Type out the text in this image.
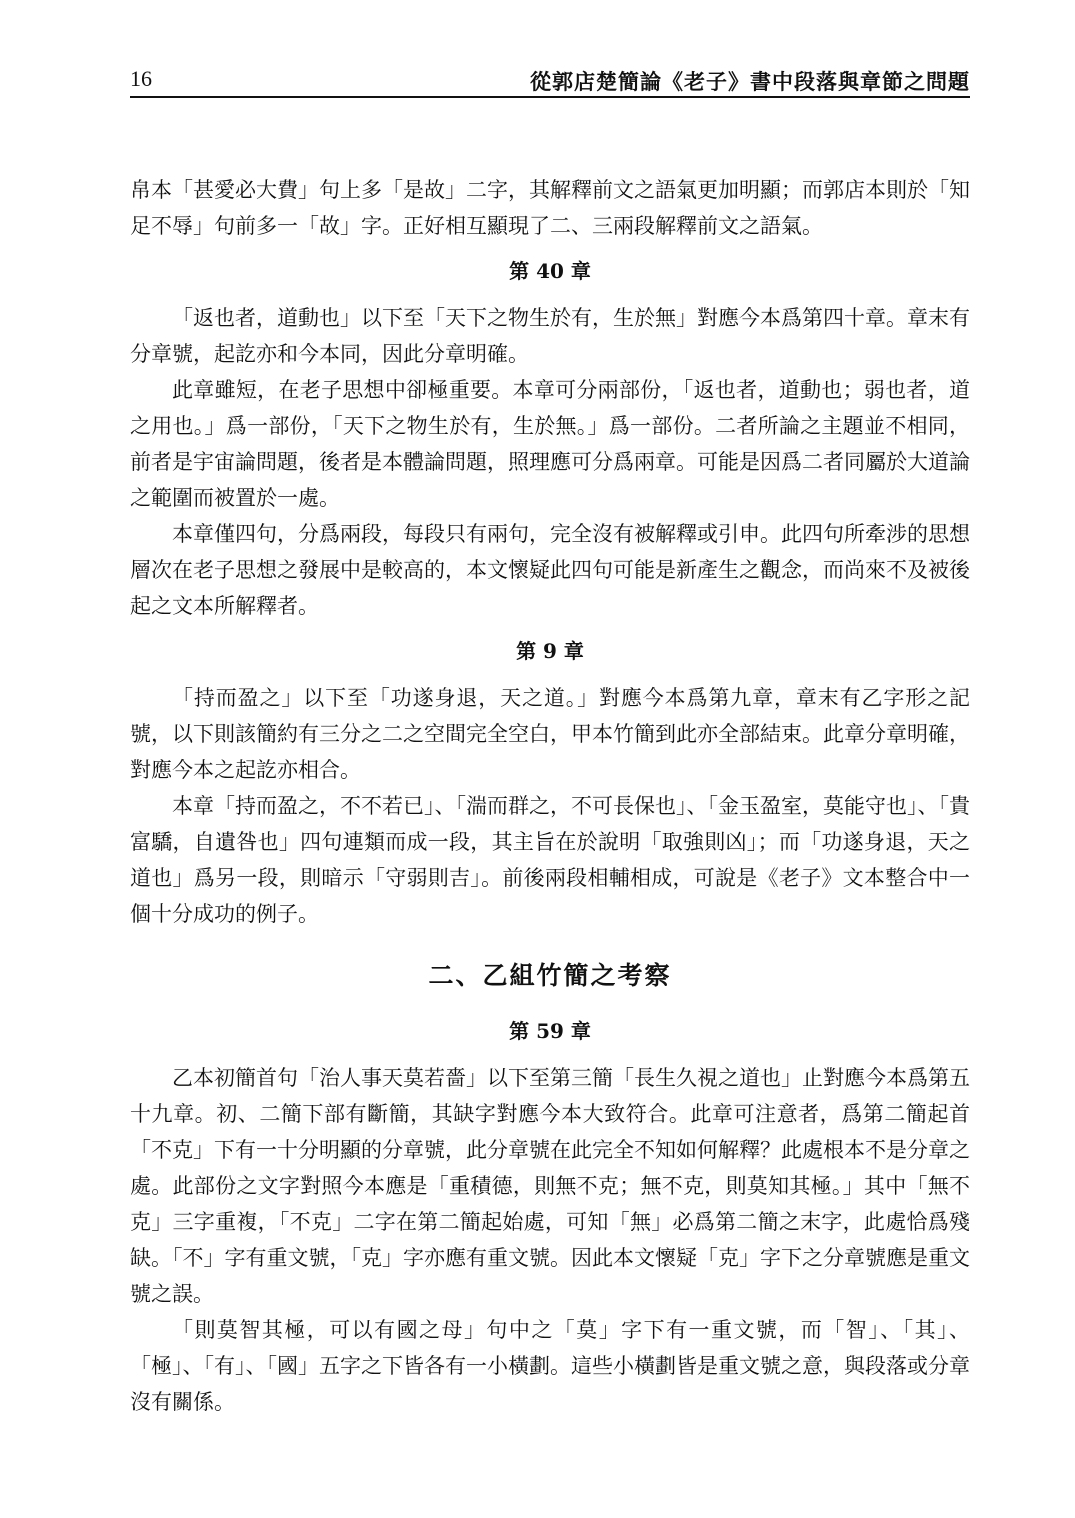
16	從郭店楚簡論《老子》書中段落與章節之問題

帛本「甚愛必大費」句上多「是故」二字，其解釋前文之語氣更加明顯；而郭店本則於「知足不辱」句前多一「故」字。正好相互顯現了二、三兩段解釋前文之語氣。

第 40 章

「返也者，道動也」以下至「天下之物生於有，生於無」對應今本爲第四十章。章末有分章號，起訖亦和今本同，因此分章明確。

此章雖短，在老子思想中卻極重要。本章可分兩部份，「返也者，道動也；弱也者，道之用也。」爲一部份，「天下之物生於有，生於無。」爲一部份。二者所論之主題並不相同，前者是宇宙論問題，後者是本體論問題，照理應可分爲兩章。可能是因爲二者同屬於大道論之範圍而被置於一處。

本章僅四句，分爲兩段，每段只有兩句，完全沒有被解釋或引申。此四句所牽涉的思想層次在老子思想之發展中是較高的，本文懷疑此四句可能是新產生之觀念，而尚來不及被後起之文本所解釋者。

第 9 章

「持而盈之」以下至「功遂身退，天之道。」對應今本爲第九章，章末有乙字形之記號，以下則該簡約有三分之二之空間完全空白，甲本竹簡到此亦全部結束。此章分章明確，對應今本之起訖亦相合。

本章「持而盈之，不不若已」、「湍而群之，不可長保也」、「金玉盈室，莫能守也」、「貴富驕，自遺咎也」四句連類而成一段，其主旨在於說明「取強則凶」；而「功遂身退，天之道也」爲另一段，則暗示「守弱則吉」。前後兩段相輔相成，可說是《老子》文本整合中一個十分成功的例子。

二、乙組竹簡之考察
第 59 章

乙本初簡首句「治人事天莫若嗇」以下至第三簡「長生久視之道也」止對應今本爲第五十九章。初、二簡下部有斷簡，其缺字對應今本大致符合。此章可注意者，爲第二簡起首「不克」下有一十分明顯的分章號，此分章號在此完全不知如何解釋？此處根本不是分章之處。此部份之文字對照今本應是「重積德，則無不克；無不克，則莫知其極。」其中「無不克」三字重複，「不克」二字在第二簡起始處，可知「無」必爲第二簡之末字，此處恰爲殘缺。「不」字有重文號，「克」字亦應有重文號。因此本文懷疑「克」字下之分章號應是重文號之誤。

「則莫智其極，可以有國之母」句中之「莫」字下有一重文號，而「智」、「其」、「極」、「有」、「國」五字之下皆各有一小橫劃。這些小橫劃皆是重文號之意，與段落或分章沒有關係。
